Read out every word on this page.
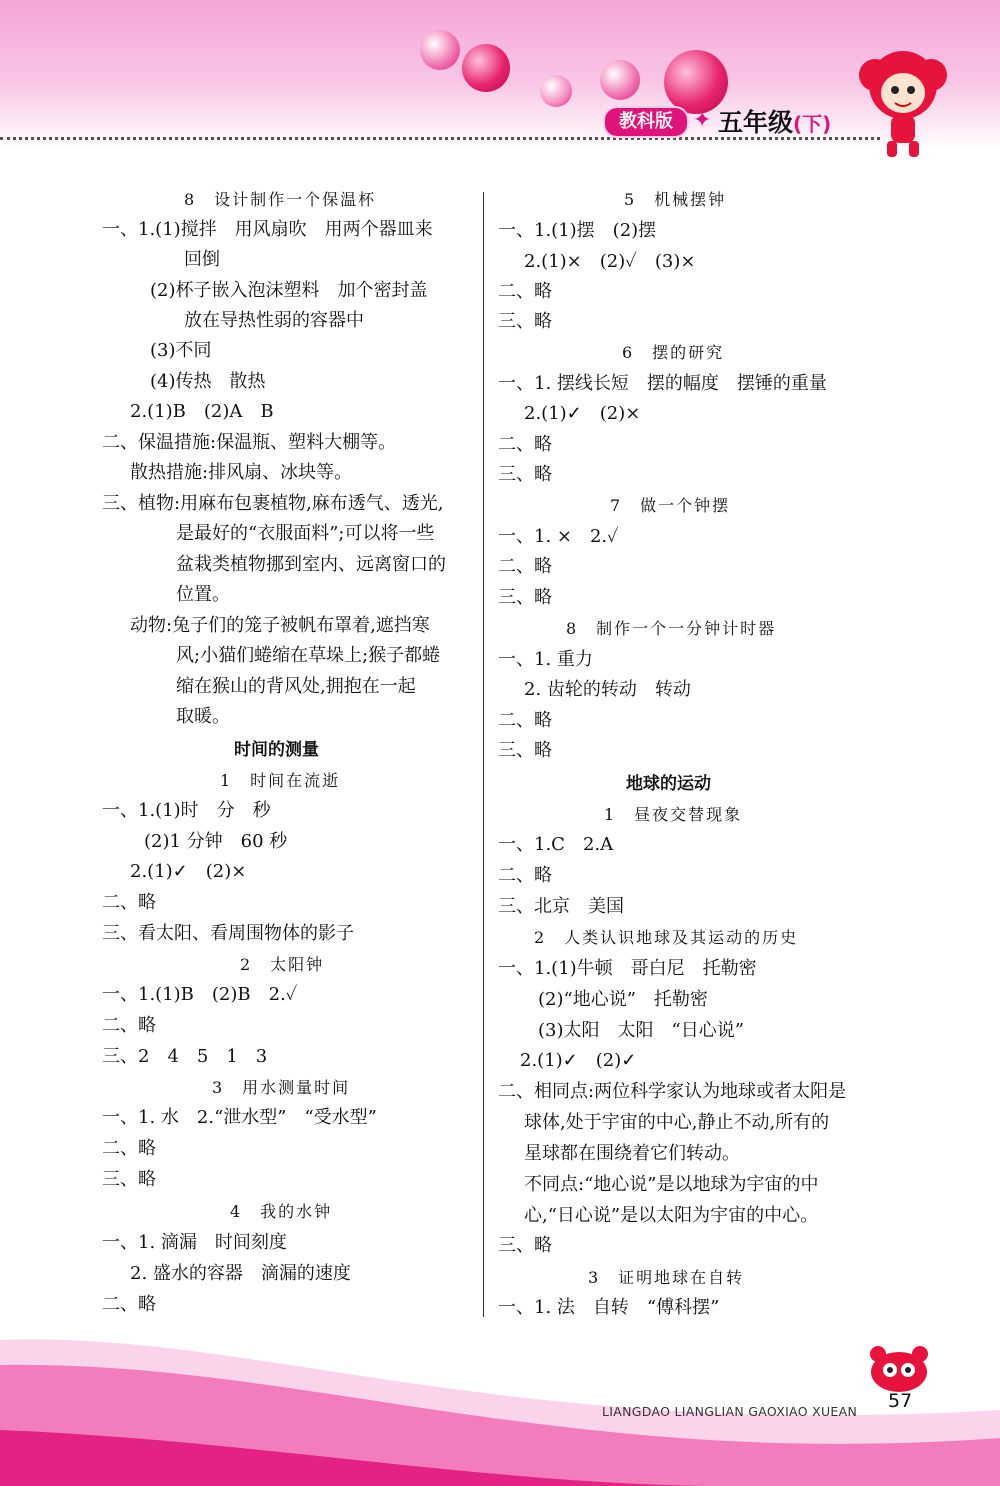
教科版 ✦ 五年级(下)
8　设计制作一个保温杯
一、1.(1)搅拌　用风扇吹　用两个器皿来
回倒
(2)杯子嵌入泡沫塑料　加个密封盖
放在导热性弱的容器中
(3)不同
(4)传热　散热
2.(1)B　(2)A　B
二、保温措施:保温瓶、塑料大棚等。
散热措施:排风扇、冰块等。
三、植物:用麻布包裹植物,麻布透气、透光,
是最好的“衣服面料”;可以将一些
盆栽类植物挪到室内、远离窗口的
位置。
动物:兔子们的笼子被帆布罩着,遮挡寒
风;小猫们蜷缩在草垛上;猴子都蜷
缩在猴山的背风处,拥抱在一起
取暖。
时间的测量
1　时间在流逝
一、1.(1)时　分　秒
(2)1 分钟　60 秒
2.(1)✓　(2)×
二、略
三、看太阳、看周围物体的影子
2　太阳钟
一、1.(1)B　(2)B　2.✓
二、略
三、2　4　5　1　3
3　用水测量时间
一、1. 水　2.“泄水型”　“受水型”
二、略
三、略
4　我的水钟
一、1. 滴漏　时间刻度
2. 盛水的容器　滴漏的速度
二、略
5　机械摆钟
一、1.(1)摆　(2)摆
2.(1)×　(2)✓　(3)×
二、略
三、略
6　摆的研究
一、1. 摆线长短　摆的幅度　摆锤的重量
2.(1)✓　(2)×
二、略
三、略
7　做一个钟摆
一、1. ×　2.✓
二、略
三、略
8　制作一个一分钟计时器
一、1. 重力
2. 齿轮的转动　转动
二、略
三、略
地球的运动
1　昼夜交替现象
一、1.C　2.A
二、略
三、北京　美国
2　人类认识地球及其运动的历史
一、1.(1)牛顿　哥白尼　托勒密
(2)“地心说”　托勒密
(3)太阳　太阳　“日心说”
2.(1)✓　(2)✓
二、相同点:两位科学家认为地球或者太阳是
球体,处于宇宙的中心,静止不动,所有的
星球都在围绕着它们转动。
不同点:“地心说”是以地球为宇宙的中
心,“日心说”是以太阳为宇宙的中心。
三、略
3　证明地球在自转
一、1. 法　自转　“傅科摆”
LIANGDAO LIANGLIAN GAOXIAO XUEAN 57
